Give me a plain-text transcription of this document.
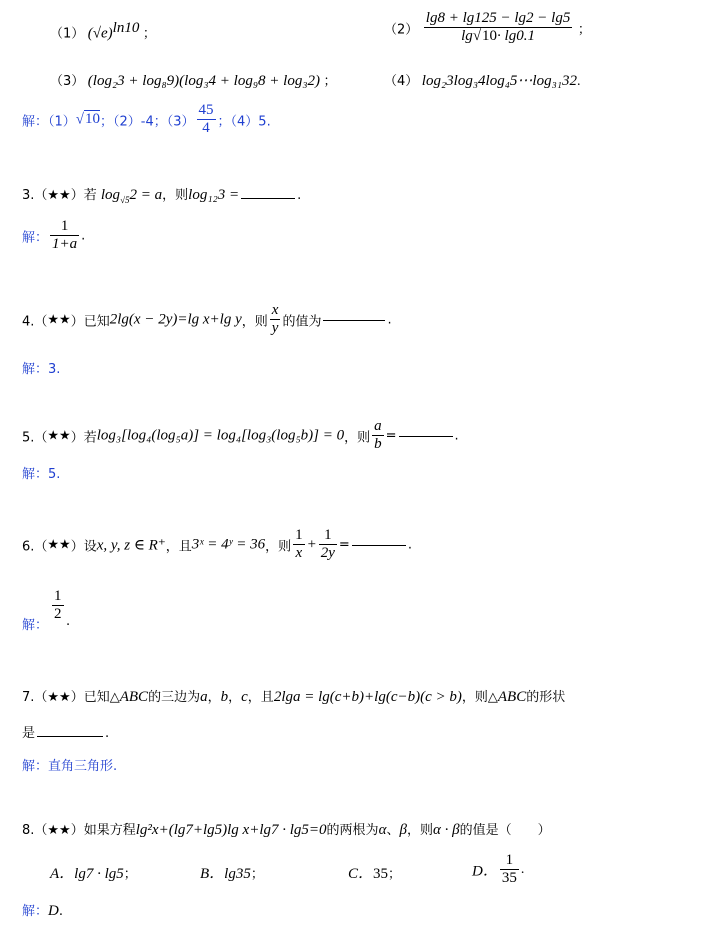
（1） $(√e)^{ln10}$ ；	$(2) \frac{\lg 8 + \lg 125 - \lg 2 - \lg 5}{\lg√10\cdot \lg 0.1}$ ；
（3） (log₂3 + log₈9)(log₃4 + log₉8 + log₃2) ；	（4） log₂3log₃4log₄5⋯log₃₁32.
解：（1）√10；（2）-4；$(3) \frac{45}{4}$ ；（4）5.
3.（★★）若 $\log_{√5}2 = a$，则log₁₂3 =	.
解： $\frac{1}{1+a}$ .
4.（★★）已知2lg(x − 2y)=lg x+lg y，则 $\frac{x}{y}$ 的值为	.
解：3.
5.（★★）若log₃[log₄(log₅a)] = log₄[log₃(log₅b)] = 0，则 $\frac{a}{b}$ =	.
解：5.
6.（★★）设x, y, z ∈ R⁺，且3ˣ = 4ʸ = 36，则 $\frac{1}{x} + \frac{1}{2y}$ =	.
$\frac{1}{2}$
解： .
7.（★★）已知△ABC的三边为a，b，c，且2lga = lg(c+b)+lg(c−b)(c > b)，则△ABC的形状
是	.
解：直角三角形.
8.（★★）如果方程lg²x+(lg7+lg5)lg x+lg7 · lg5=0的两根为α、β，则α · β的值是（　　）
A．lg7 · lg5；	B．lg35；	C．35；	D． $\frac{1}{35}$ .
解：D.
